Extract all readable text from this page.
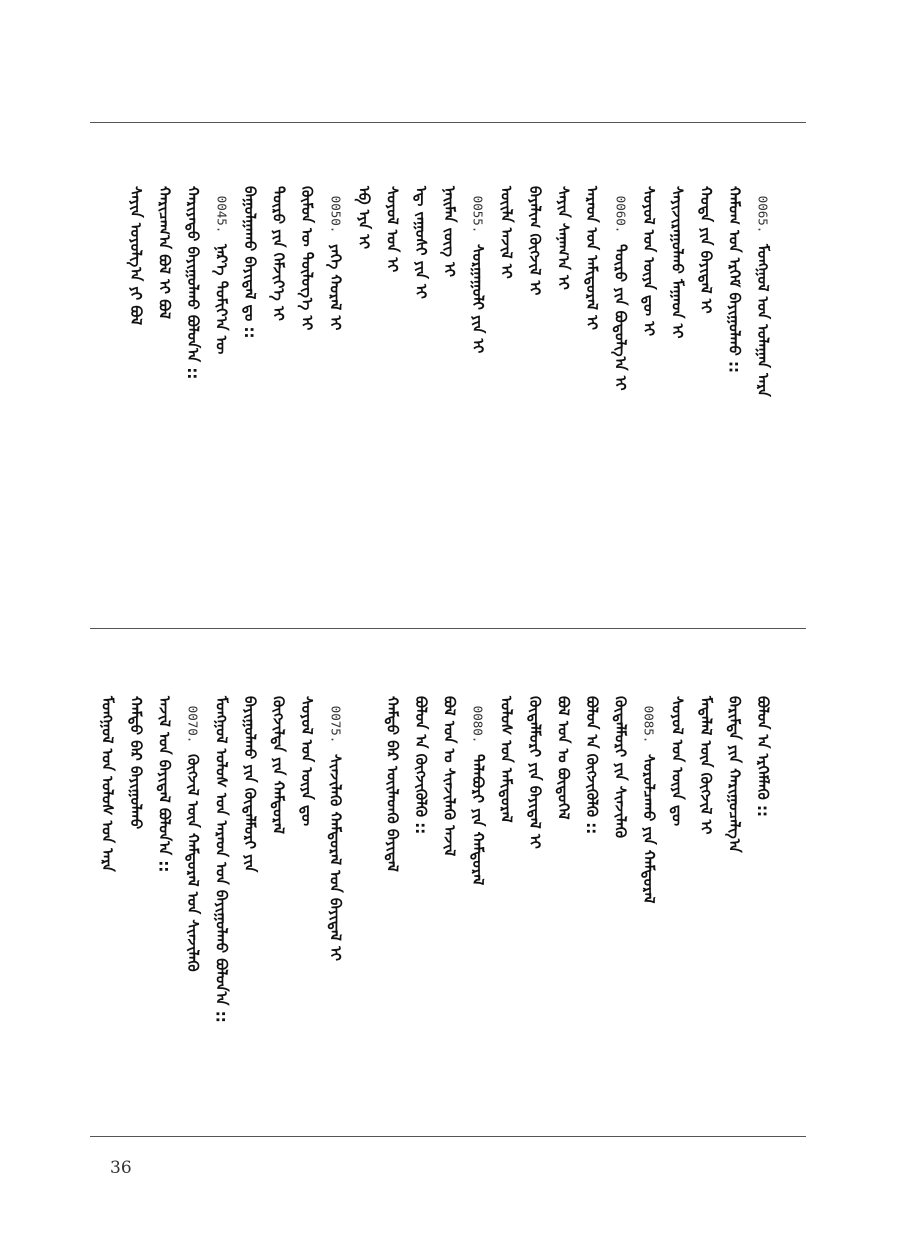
0065.
ᠮᠣᠩᠭᠣᠯ ᠤᠨ ᠤᠯᠠᠭᠠᠨ ᠠᠷᠠ
ᠬᠠᠮᠤᠭ ᠤᠨ ᠡᠷᠬᠡᠮ ᠪᠠᠶᠢᠭᠤᠯᠬᠤ ::
ᠬᠣᠲᠠ ᠶᠢᠨ ᠪᠠᠶᠢᠳᠠᠯ ᠢ
ᠰᠠᠶᠢᠵᠢᠷᠠᠭᠤᠯᠬᠤ ᠮᠠᠭᠠᠳ ᠢ
ᠰᠣᠶᠣᠯ ᠤᠨ ᠦᠶᠡ ᠳᠦ ᠢ
0060.
ᠲᠦᠷᠦ ᠶᠢᠨ ᠪᠣᠳᠤᠯᠭ᠎ᠠ ᠢ
ᠠᠷᠠᠳ ᠤᠨ ᠠᠮᠢᠳᠤᠷᠠᠯ ᠢ
ᠰᠠᠶᠢᠨ ᠰᠠᠨᠠᠭ᠎ᠠ ᠢ
ᠪᠠᠶᠠᠯᠢᠭ ᠬᠥᠭᠵᠢᠯ ᠢ
ᠦᠢᠯᠡ ᠠᠵᠢᠯ ᠢ
0055.
ᠰᠤᠷᠭᠠᠭᠤᠯᠢ ᠶᠢᠨ ᠢ
ᠨᠠᠢᠮᠠᠨ ᠵᠦᠭ ᠢ
ᠡᠳ᠋ ᠵᠠᠭᠤᠰᠢ ᠶᠢᠨ ᠢ
ᠰᠣᠶᠣᠯ ᠤᠨ ᠢ
ᠡᠪ ᠡᠶᠡ ᠢ
0050.
ᠶᠡᠬᠡ ᠬᠤᠷᠠᠯ ᠢ
ᠬᠦᠮᠦᠨ ᠦ ᠲᠥᠯᠦᠭ᠎ᠡ ᠢ
ᠲᠥᠷᠥ ᠶᠢᠨ ᠬᠡᠮᠵᠢᠶ᠎ᠡ ᠢ
ᠪᠠᠭᠤᠯᠭᠠᠬᠤ ᠪᠠᠶᠢᠳᠠᠯ ᠳᠤ ::
0045.
ᠨᠡᠷ᠎ᠡ ᠲᠣᠮᠢᠶ᠎ᠠ ᠦ
ᠬᠠᠷᠢᠶᠠᠲᠤ ᠪᠠᠶᠢᠭᠤᠯᠬᠤ ᠪᠣᠯᠤᠨ᠎ᠠ ::
ᠬᠠᠷᠢᠴᠠᠭ᠎ᠠ ᠪᠣᠯ ᠢ ᠪᠣᠯ
ᠰᠠᠶᠢᠨ ᠤᠶᠤᠯᠭ᠎ᠠ ᠶᠢ ᠪᠣᠯ
ᠪᠣᠯᠤᠨ ᠠ ᠡᠷᠬᠡᠮᠯᠡᠬᠦ ::
ᠪᠠᠷᠢᠮᠲᠠ ᠶᠢᠨ ᠬᠠᠷᠢᠭᠤᠴᠠᠯᠭ᠎ᠠ
ᠮᠡᠳᠡᠯᠡᠯ ᠦᠨ ᠬᠥᠭᠵᠢᠯ ᠢ
ᠰᠣᠶᠣᠯ ᠤᠨ ᠦᠶᠡ ᠳᠦ
0085.
ᠰᠤᠷᠤᠯᠴᠠᠬᠤ ᠶᠢᠨ ᠬᠠᠮᠲᠤᠷᠠᠯ
ᠬᠥᠳᠡᠯᠮᠦᠷᠢ ᠶᠢᠨ ᠰᠢᠨᠵᠢᠯᠡᠬᠦ
ᠪᠣᠯᠤᠨ ᠠ ᠬᠥᠭᠵᠢᠭᠦᠯᠬᠦ ::
ᠪᠣᠯ ᠤᠨ ᠤ ᠪᠦᠲᠦᠭᠡᠯ
ᠬᠥᠳᠡᠯᠮᠦᠷᠢ ᠶᠢᠨ ᠪᠠᠶᠢᠳᠠᠯ ᠢ
ᠤᠯᠤᠰ ᠤᠨ ᠠᠮᠢᠳᠤᠷᠠᠯ
0080.
ᠲᠠᠯᠠᠪᠤᠷᠢ ᠶᠢᠨ ᠬᠠᠮᠲᠤᠷᠠᠯ
ᠪᠣᠯ ᠤᠨ ᠤ ᠰᠢᠨᠵᠢᠯᠡᠬᠦ ᠠᠵᠢᠯ
ᠪᠣᠯᠤᠨ ᠠ ᠬᠥᠭᠵᠢᠭᠦᠯᠬᠦ ::
ᠬᠠᠮᠲᠤ ᠪᠠᠷ ᠦᠢᠯᠡᠳᠬᠦ ᠪᠠᠶᠢᠳᠠᠯ
0075.
ᠰᠢᠨᠵᠢᠯᠡᠬᠦ ᠬᠠᠮᠲᠤᠷᠠᠯ ᠤᠨ ᠪᠠᠶᠢᠳᠠᠯ ᠢ
ᠰᠣᠶᠣᠯ ᠤᠨ ᠦᠶᠡ ᠳᠦ
ᠬᠥᠭᠵᠢᠯᠲᠡ ᠶᠢᠨ ᠬᠠᠮᠲᠤᠷᠠᠯ
ᠪᠠᠶᠢᠭᠤᠯᠬᠤ ᠶᠢᠨ ᠬᠥᠳᠡᠯᠮᠦᠷᠢ ᠶᠢᠨ
ᠮᠣᠩᠭᠣᠯ ᠤᠯᠤᠰ ᠤᠨ ᠠᠷᠠᠳ ᠤᠨ ᠪᠠᠶᠢᠭᠤᠯᠬᠤ ᠪᠣᠯᠤᠨ᠎ᠠ ::
0070.
ᠬᠥᠭᠵᠢᠯ ᠦᠨ ᠬᠠᠮᠲᠤᠷᠠᠯ ᠤᠨ ᠰᠢᠨᠵᠢᠯᠡᠬᠦ
ᠠᠵᠢᠯ ᠤᠨ ᠪᠠᠶᠢᠳᠠᠯ ᠪᠣᠯᠤᠨ᠎ᠠ ::
ᠬᠠᠮᠲᠤ ᠪᠠᠷ ᠪᠠᠶᠢᠭᠤᠯᠬᠤ
ᠮᠣᠩᠭᠣᠯ ᠤᠨ ᠤᠯᠤᠰ ᠤᠨ ᠠᠷᠠ
36
